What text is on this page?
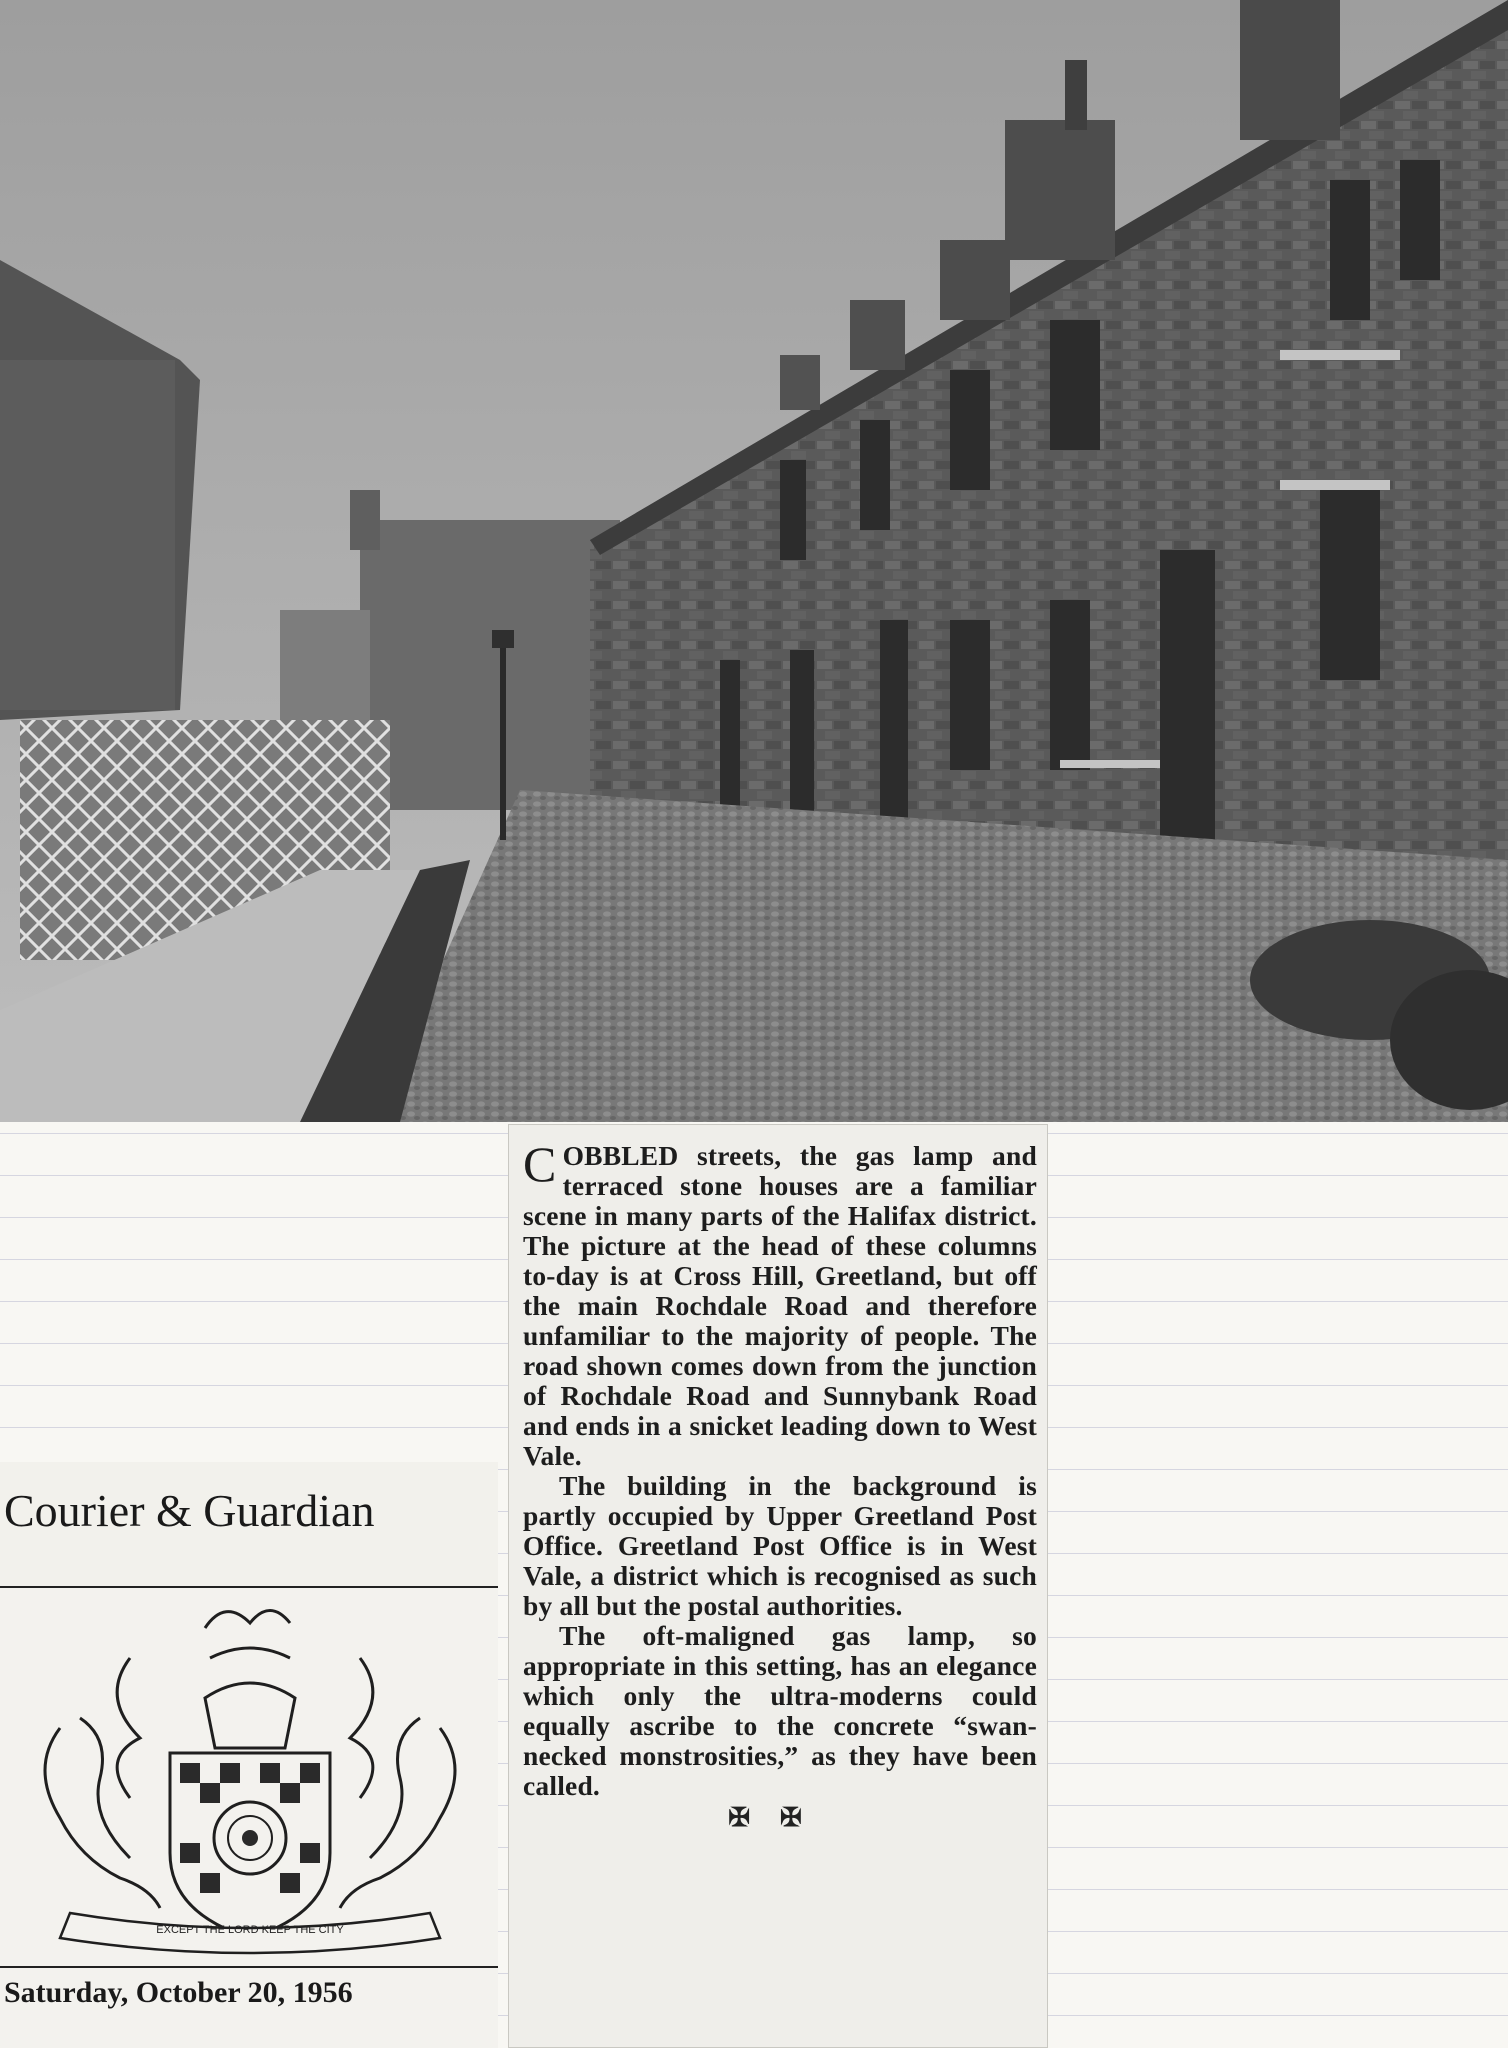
COBBLED streets, the gas lamp and terraced stone houses are a familiar scene in many parts of the Halifax district. The picture at the head of these columns to-day is at Cross Hill, Greetland, but off the main Rochdale Road and therefore unfamiliar to the majority of people. The road shown comes down from the junction of Rochdale Road and Sunnybank Road and ends in a snicket leading down to West Vale.

The building in the background is partly occupied by Upper Greetland Post Office. Greetland Post Office is in West Vale, a district which is recognised as such by all but the postal authorities.

The oft-maligned gas lamp, so appropriate in this setting, has an elegance which only the ultra-moderns could equally ascribe to the concrete “swan-necked monstrosities,” as they have been called.

✠✠
Courier & Guardian
EXCEPT THE LORD KEEP THE CITY
Saturday, October 20, 1956
